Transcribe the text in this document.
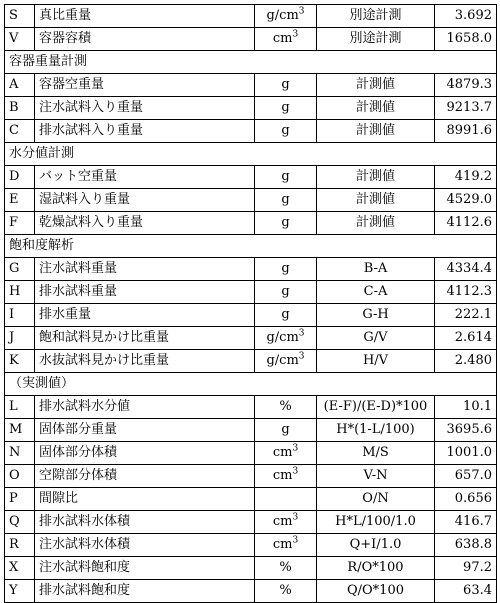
S	真比重量	$g/cm^3$	別途計測	3.692
V	容器容積	$cm^3$	別途計測	1658.0
容器重量計測				
A	容器空重量	g	計測値	4879.3
B	注水試料入り重量	g	計測値	9213.7
C	排水試料入り重量	g	計測値	8991.6
水分値計測				
D	バット空重量	g	計測値	419.2
E	湿試料入り重量	g	計測値	4529.0
F	乾燥試料入り重量	g	計測値	4112.6
飽和度解析				
G	注水試料重量	g	B-A	4334.4
H	排水試料重量	g	C-A	4112.3
I	排水重量	g	G-H	222.1
J	飽和試料見かけ比重量	$g/cm^3$	G/V	2.614
K	水抜試料見かけ比重量	$g/cm^3$	H/V	2.480
（実測値）				
L	排水試料水分値	%	(E-F)/(E-D)*100	10.1
M	固体部分重量	g	H*(1-L/100)	3695.6
N	固体部分体積	$cm^3$	M/S	1001.0
O	空隙部分体積	$cm^3$	V-N	657.0
P	間隙比		O/N	0.656
Q	排水試料水体積	$cm^3$	H*L/100/1.0	416.7
R	注水試料水体積	$cm^3$	Q+I/1.0	638.8
X	注水試料飽和度	%	R/O*100	97.2
Y	排水試料飽和度	%	Q/O*100	63.4
